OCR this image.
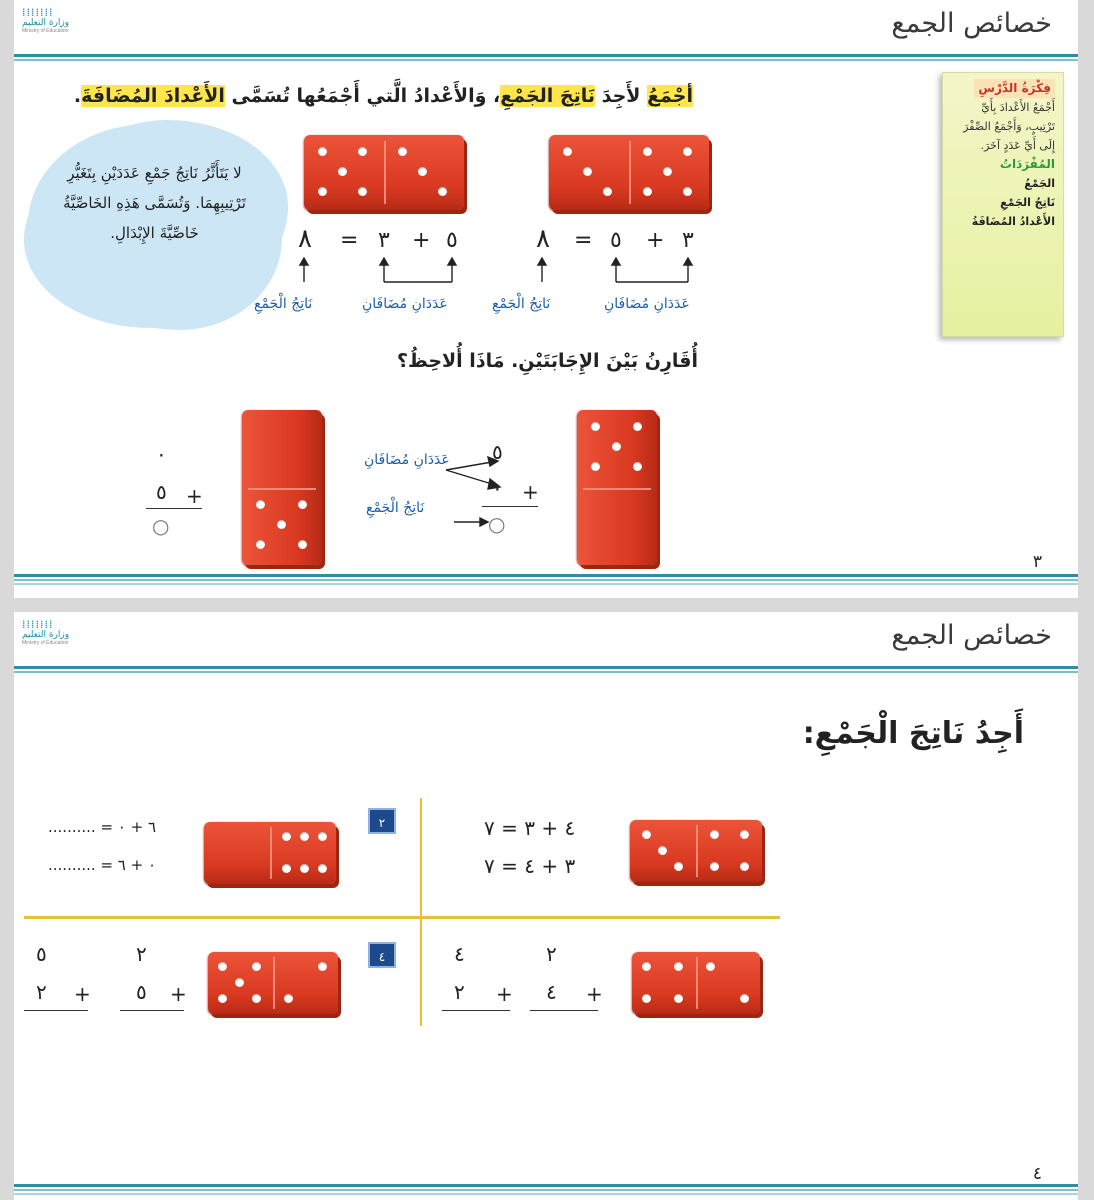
⁞⁞⁞⁞⁞⁞⁞
وزارة التعليم
Ministry of Education	خصائص الجمع
أجْمَعُ لأَجِدَ نَاتِجَ الجَمْعِ، وَالأَعْدادُ الَّتي أَجْمَعُها تُسَمَّى الأَعْدادَ المُضَافَةَ.	فِكْرَةُ الدَّرْسِ
أَجْمَعُ الأَعْدادَ بِأَيِّ تَرْتِيبٍ، وَأَجْمَعُ الصِّفْرَ إِلَى أَيِّ عَدَدٍ آخَرَ.
المُفْرَدَاتُ
الجَمْعُ
نَاتِجُ الجَمْعِ
الأَعْدادُ المُضَافَةُ
لا يَتَأَثَّرُ نَاتِجُ جَمْعِ عَدَدَيْنِ بِتَغَيُّرِ تَرْتِيبِهِمَا. وَتُسَمَّى هَذِهِ الخَاصِّيَّةُ خَاصِّيَّةَ الإِبْدَالِ.	٣
+
٥
=
٨
٥
+
٣
=
٨
عَدَدَانِ مُضَافَانِ
نَاتِجُ الْجَمْعِ
عَدَدَانِ مُضَافَانِ
نَاتِجُ الْجَمْعِ
أُقَارِنُ بَيْنَ الإِجَابَتَيْنِ. مَاذَا أُلاحِظُ؟
٥
+
٠
○
عَدَدَانِ مُضَافَانِ
نَاتِجُ الْجَمْعِ
٠
+
٥
○
٣
⁞⁞⁞⁞⁞⁞⁞
وزارة التعليم
Ministry of Education	خصائص الجمع
أَجِدُ نَاتِجَ الْجَمْعِ:
٤ + ٣ = ٧
٣ + ٤ = ٧
٢
٦ + ٠ = ..........
٠ + ٦ = ..........
٢
+
٤
٤
+
٢
٤
٢
+
٥
٥
+
٢
٤
